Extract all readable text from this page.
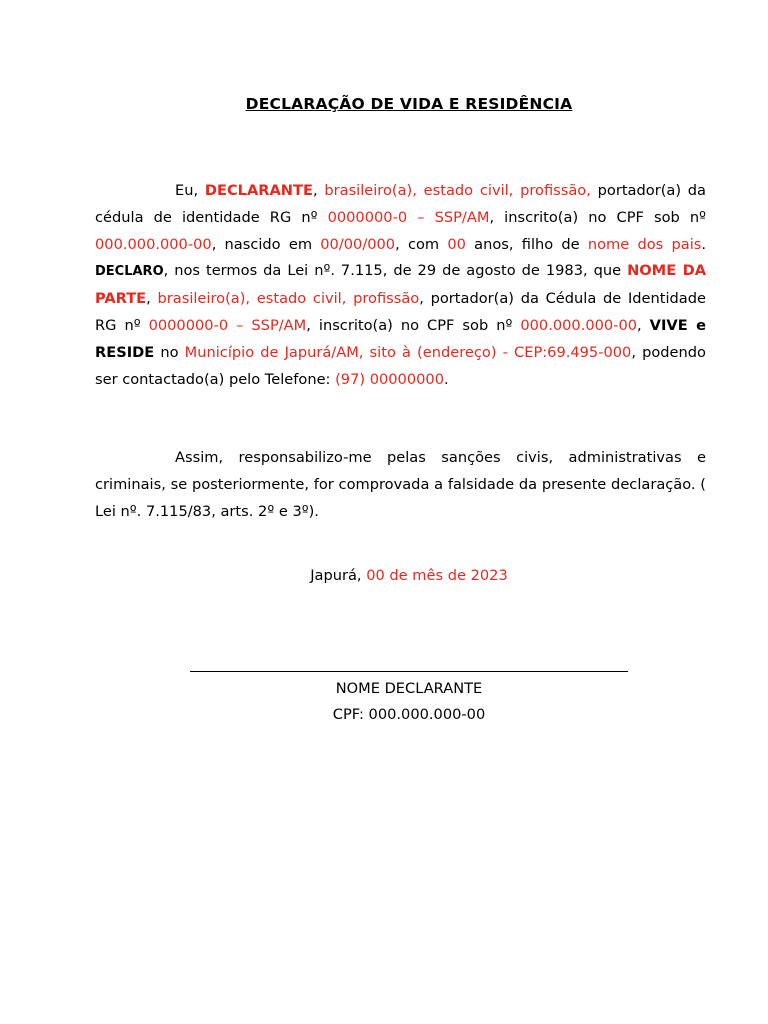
DECLARAÇÃO DE VIDA E RESIDÊNCIA

Eu, DECLARANTE, brasileiro(a), estado civil, profissão, portador(a) da cédula de identidade RG nº 0000000-0 – SSP/AM, inscrito(a) no CPF sob nº 000.000.000-00, nascido em 00/00/000, com 00 anos, filho de nome dos pais. DECLARO, nos termos da Lei nº. 7.115, de 29 de agosto de 1983, que NOME DA PARTE, brasileiro(a), estado civil, profissão, portador(a) da Cédula de Identidade RG nº 0000000-0 – SSP/AM, inscrito(a) no CPF sob nº 000.000.000-00, VIVE e RESIDE no Município de Japurá/AM, sito à (endereço) - CEP:69.495-000, podendo ser contactado(a) pelo Telefone: (97) 00000000.

Assim, responsabilizo-me pelas sanções civis, administrativas e criminais, se posteriormente, for comprovada a falsidade da presente declaração. ( Lei nº. 7.115/83, arts. 2º e 3º).

Japurá, 00 de mês de 2023
NOME DECLARANTE
CPF: 000.000.000-00
